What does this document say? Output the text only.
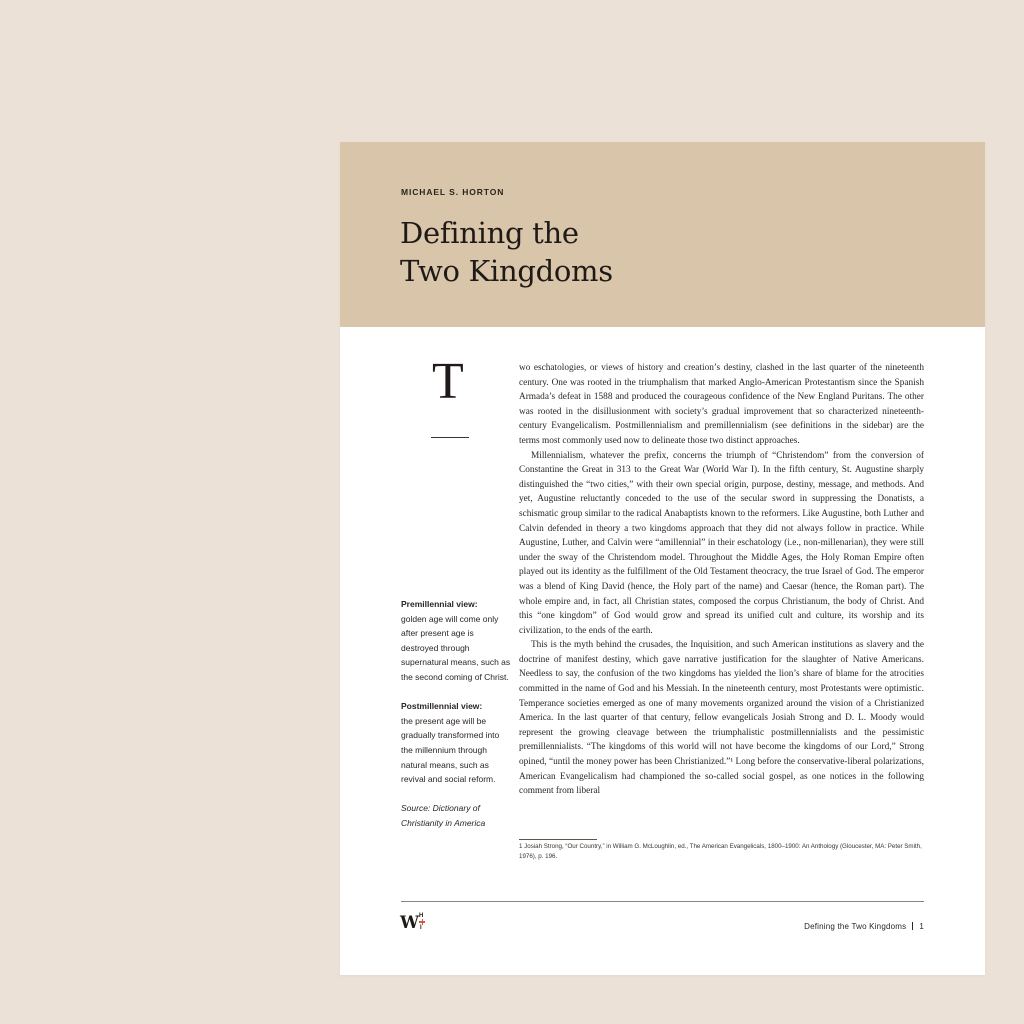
MICHAEL S. HORTON
Defining the
Two Kingdoms
T	wo eschatologies, or views of history and creation’s destiny, clashed in the last quarter of the nineteenth century. One was rooted in the triumphalism that marked Anglo-American Protestantism since the Spanish Armada’s defeat in 1588 and produced the courageous confidence of the New England Puritans. The other was rooted in the disillusionment with society’s gradual improvement that so characterized nineteenth-century Evangelicalism. Postmillennialism and premillennialism (see definitions in the sidebar) are the terms most commonly used now to delineate those two distinct approaches.

Millennialism, whatever the prefix, concerns the triumph of “Christendom” from the conversion of Constantine the Great in 313 to the Great War (World War I). In the fifth century, St. Augustine sharply distinguished the “two cities,” with their own special origin, purpose, destiny, message, and methods. And yet, Augustine reluctantly conceded to the use of the secular sword in suppressing the Donatists, a schismatic group similar to the radical Anabaptists known to the reformers. Like Augustine, both Luther and Calvin defended in theory a two kingdoms approach that they did not always follow in practice. While Augustine, Luther, and Calvin were “amillennial” in their eschatology (i.e., non-millenarian), they were still under the sway of the Christendom model. Throughout the Middle Ages, the Holy Roman Empire often played out its identity as the fulfillment of the Old Testament theocracy, the true Israel of God. The emperor was a blend of King David (hence, the Holy part of the name) and Caesar (hence, the Roman part). The whole empire and, in fact, all Christian states, composed the corpus Christianum, the body of Christ. And this “one kingdom” of God would grow and spread its unified cult and culture, its worship and its civilization, to the ends of the earth.

This is the myth behind the crusades, the Inquisition, and such American institutions as slavery and the doctrine of manifest destiny, which gave narrative justification for the slaughter of Native Americans. Needless to say, the confusion of the two kingdoms has yielded the lion’s share of blame for the atrocities committed in the name of God and his Messiah. In the nineteenth century, most Protestants were optimistic. Temperance societies emerged as one of many movements organized around the vision of a Christianized America. In the last quarter of that century, fellow evangelicals Josiah Strong and D. L. Moody would represent the growing cleavage between the triumphalistic postmillennialists and the pessimistic premillennialists. “The kingdoms of this world will not have become the kingdoms of our Lord,” Strong opined, “until the money power has been Christianized.”¹ Long before the conservative-liberal polarizations, American Evangelicalism had championed the so-called social gospel, as one notices in the following comment from liberal

Premillennial view:
golden age will come only after present age is destroyed through supernatural means, such as the second coming of Christ.
Postmillennial view:
the present age will be gradually transformed into the millennium through natural means, such as revival and social reform.
Source: Dictionary of Christianity in America
1 Josiah Strong, “Our Country,” in William G. McLoughlin, ed., The American Evangelicals, 1800–1900: An Anthology (Gloucester, MA: Peter Smith, 1976), p. 196.
W H
I	Defining the Two Kingdoms 1
